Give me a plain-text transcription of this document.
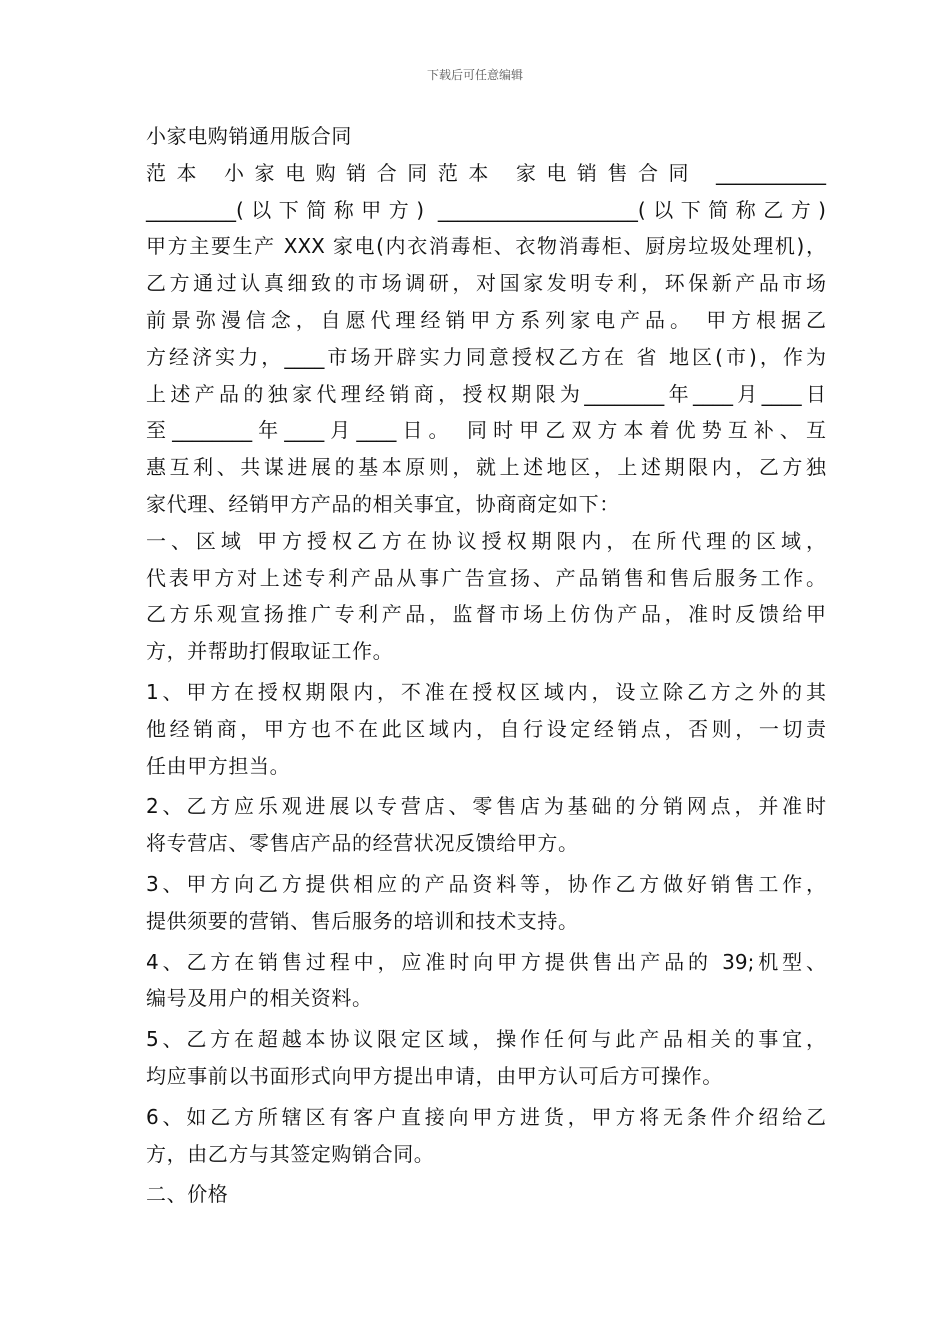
下载后可任意编辑
小家电购销通用版合同
范本 小家电购销合同范本 家电销售合同 ___________
_________(以下简称甲方) ____________________(以下简称乙方)
甲方主要生产 XXX 家电(内衣消毒柜、衣物消毒柜、厨房垃圾处理机)，
乙方通过认真细致的市场调研，对国家发明专利，环保新产品市场
前景弥漫信念，自愿代理经销甲方系列家电产品。 甲方根据乙
方经济实力，____市场开辟实力同意授权乙方在 省 地区(市)，作为
上述产品的独家代理经销商，授权期限为________年____月____日
至________年____月____日。 同时甲乙双方本着优势互补、互
惠互利、共谋进展的基本原则，就上述地区，上述期限内，乙方独
家代理、经销甲方产品的相关事宜，协商商定如下：
一、区域 甲方授权乙方在协议授权期限内，在所代理的区域，
代表甲方对上述专利产品从事广告宣扬、产品销售和售后服务工作。
乙方乐观宣扬推广专利产品，监督市场上仿伪产品，准时反馈给甲
方，并帮助打假取证工作。
1、甲方在授权期限内，不准在授权区域内，设立除乙方之外的其
他经销商，甲方也不在此区域内，自行设定经销点，否则，一切责
任由甲方担当。
2、乙方应乐观进展以专营店、零售店为基础的分销网点，并准时
将专营店、零售店产品的经营状况反馈给甲方。
3、甲方向乙方提供相应的产品资料等，协作乙方做好销售工作，
提供须要的营销、售后服务的培训和技术支持。
4、乙方在销售过程中，应准时向甲方提供售出产品的 39;机型、
编号及用户的相关资料。
5、乙方在超越本协议限定区域，操作任何与此产品相关的事宜，
均应事前以书面形式向甲方提出申请，由甲方认可后方可操作。
6、如乙方所辖区有客户直接向甲方进货，甲方将无条件介绍给乙
方，由乙方与其签定购销合同。
二、价格
